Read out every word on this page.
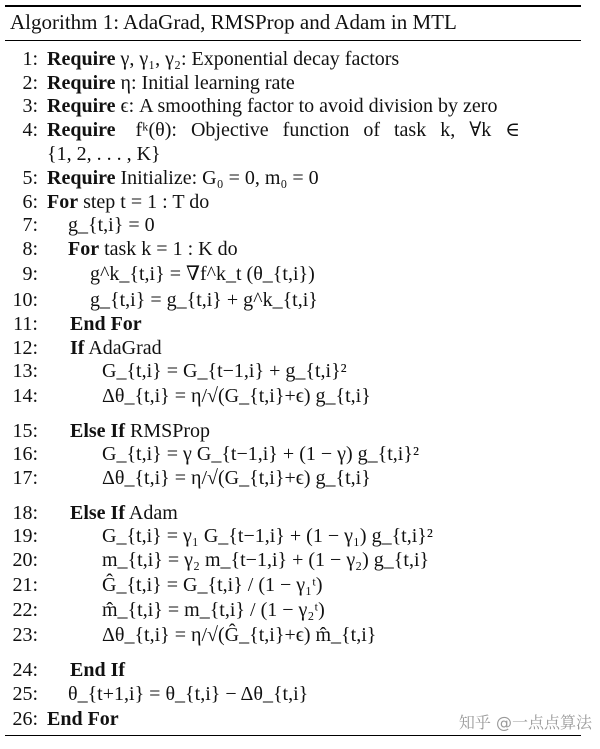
Algorithm 1: AdaGrad, RMSProp and Adam in MTL
1: Require γ, γ₁, γ₂: Exponential decay factors
2: Require η: Initial learning rate
3: Require ϵ: A smoothing factor to avoid division by zero
4: Require fᵏ(θ): Objective function of task k, ∀k ∈
{1, 2, . . . , K}
5: Require Initialize: G₀ = 0, m₀ = 0
6: For step t = 1 : T do
7: g_{t,i} = 0
8: For task k = 1 : K do
9:	g^k_{t,i} = ∇f^k_t (θ_{t,i})
10:	g_{t,i} = g_{t,i} + g^k_{t,i}
11: End For
12: If AdaGrad
13:	G_{t,i} = G_{t−1,i} + g_{t,i}²
14:	Δθ_{t,i} = η/√(G_{t,i}+ϵ) g_{t,i}
15: Else If RMSProp
16:	G_{t,i} = γ G_{t−1,i} + (1 − γ) g_{t,i}²
17:	Δθ_{t,i} = η/√(G_{t,i}+ϵ) g_{t,i}
18: Else If Adam
19:	G_{t,i} = γ₁ G_{t−1,i} + (1 − γ₁) g_{t,i}²
20:	m_{t,i} = γ₂ m_{t−1,i} + (1 − γ₂) g_{t,i}
21:	Ĝ_{t,i} = G_{t,i} / (1 − γ₁ᵗ)
22:	m̂_{t,i} = m_{t,i} / (1 − γ₂ᵗ)
23:	Δθ_{t,i} = η/√(Ĝ_{t,i}+ϵ) m̂_{t,i}
24: End If
25: θ_{t+1,i} = θ_{t,i} − Δθ_{t,i}
26: End For	知乎 @一点点算法
